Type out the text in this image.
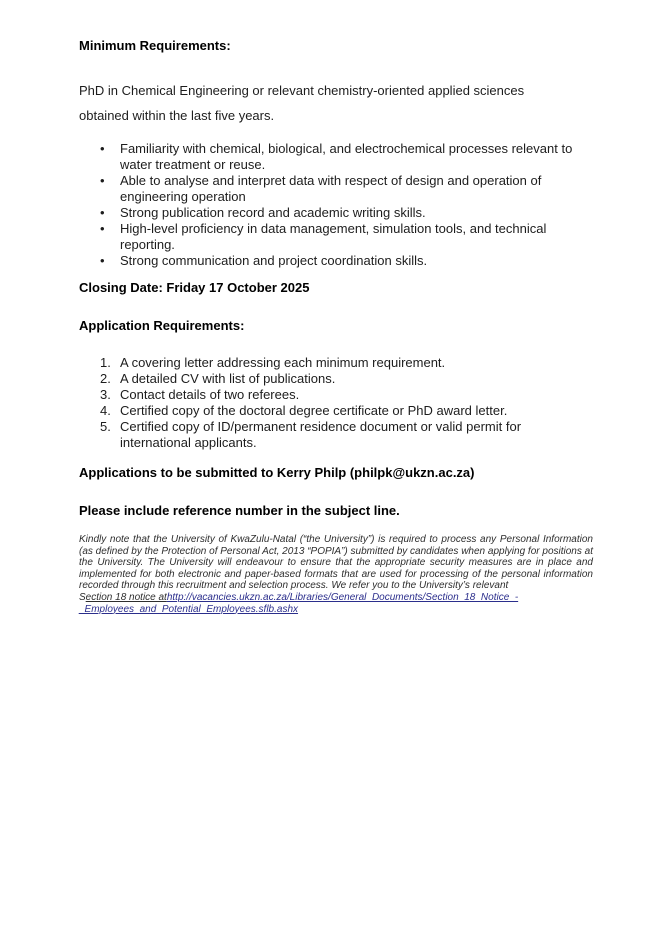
Minimum Requirements:

PhD in Chemical Engineering or relevant chemistry-oriented applied sciences
obtained within the last five years.

•	Familiarity with chemical, biological, and electrochemical processes relevant to water treatment or reuse.
•	Able to analyse and interpret data with respect of design and operation of engineering operation
•	Strong publication record and academic writing skills.
•	High-level proficiency in data management, simulation tools, and technical reporting.
•	Strong communication and project coordination skills.
Closing Date: Friday 17 October 2025
Application Requirements:
1. A covering letter addressing each minimum requirement.
2. A detailed CV with list of publications.
3. Contact details of two referees.
4. Certified copy of the doctoral degree certificate or PhD award letter.
5. Certified copy of ID/permanent residence document or valid permit for international applicants.
Applications to be submitted to Kerry Philp (philpk@ukzn.ac.za)
Please include reference number in the subject line.

Kindly note that the University of KwaZulu-Natal (“the University”) is required to process any Personal Information (as defined by the Protection of Personal Act, 2013 “POPIA”) submitted by candidates when applying for positions at the University. The University will endeavour to ensure that the appropriate security measures are in place and implemented for both electronic and paper-based formats that are used for processing of the personal information recorded through this recruitment and selection process. We refer you to the University’s relevant

Section 18 notice athttp://vacancies.ukzn.ac.za/Libraries/General_Documents/Section_18_Notice_-
_Employees_and_Potential_Employees.sflb.ashx
